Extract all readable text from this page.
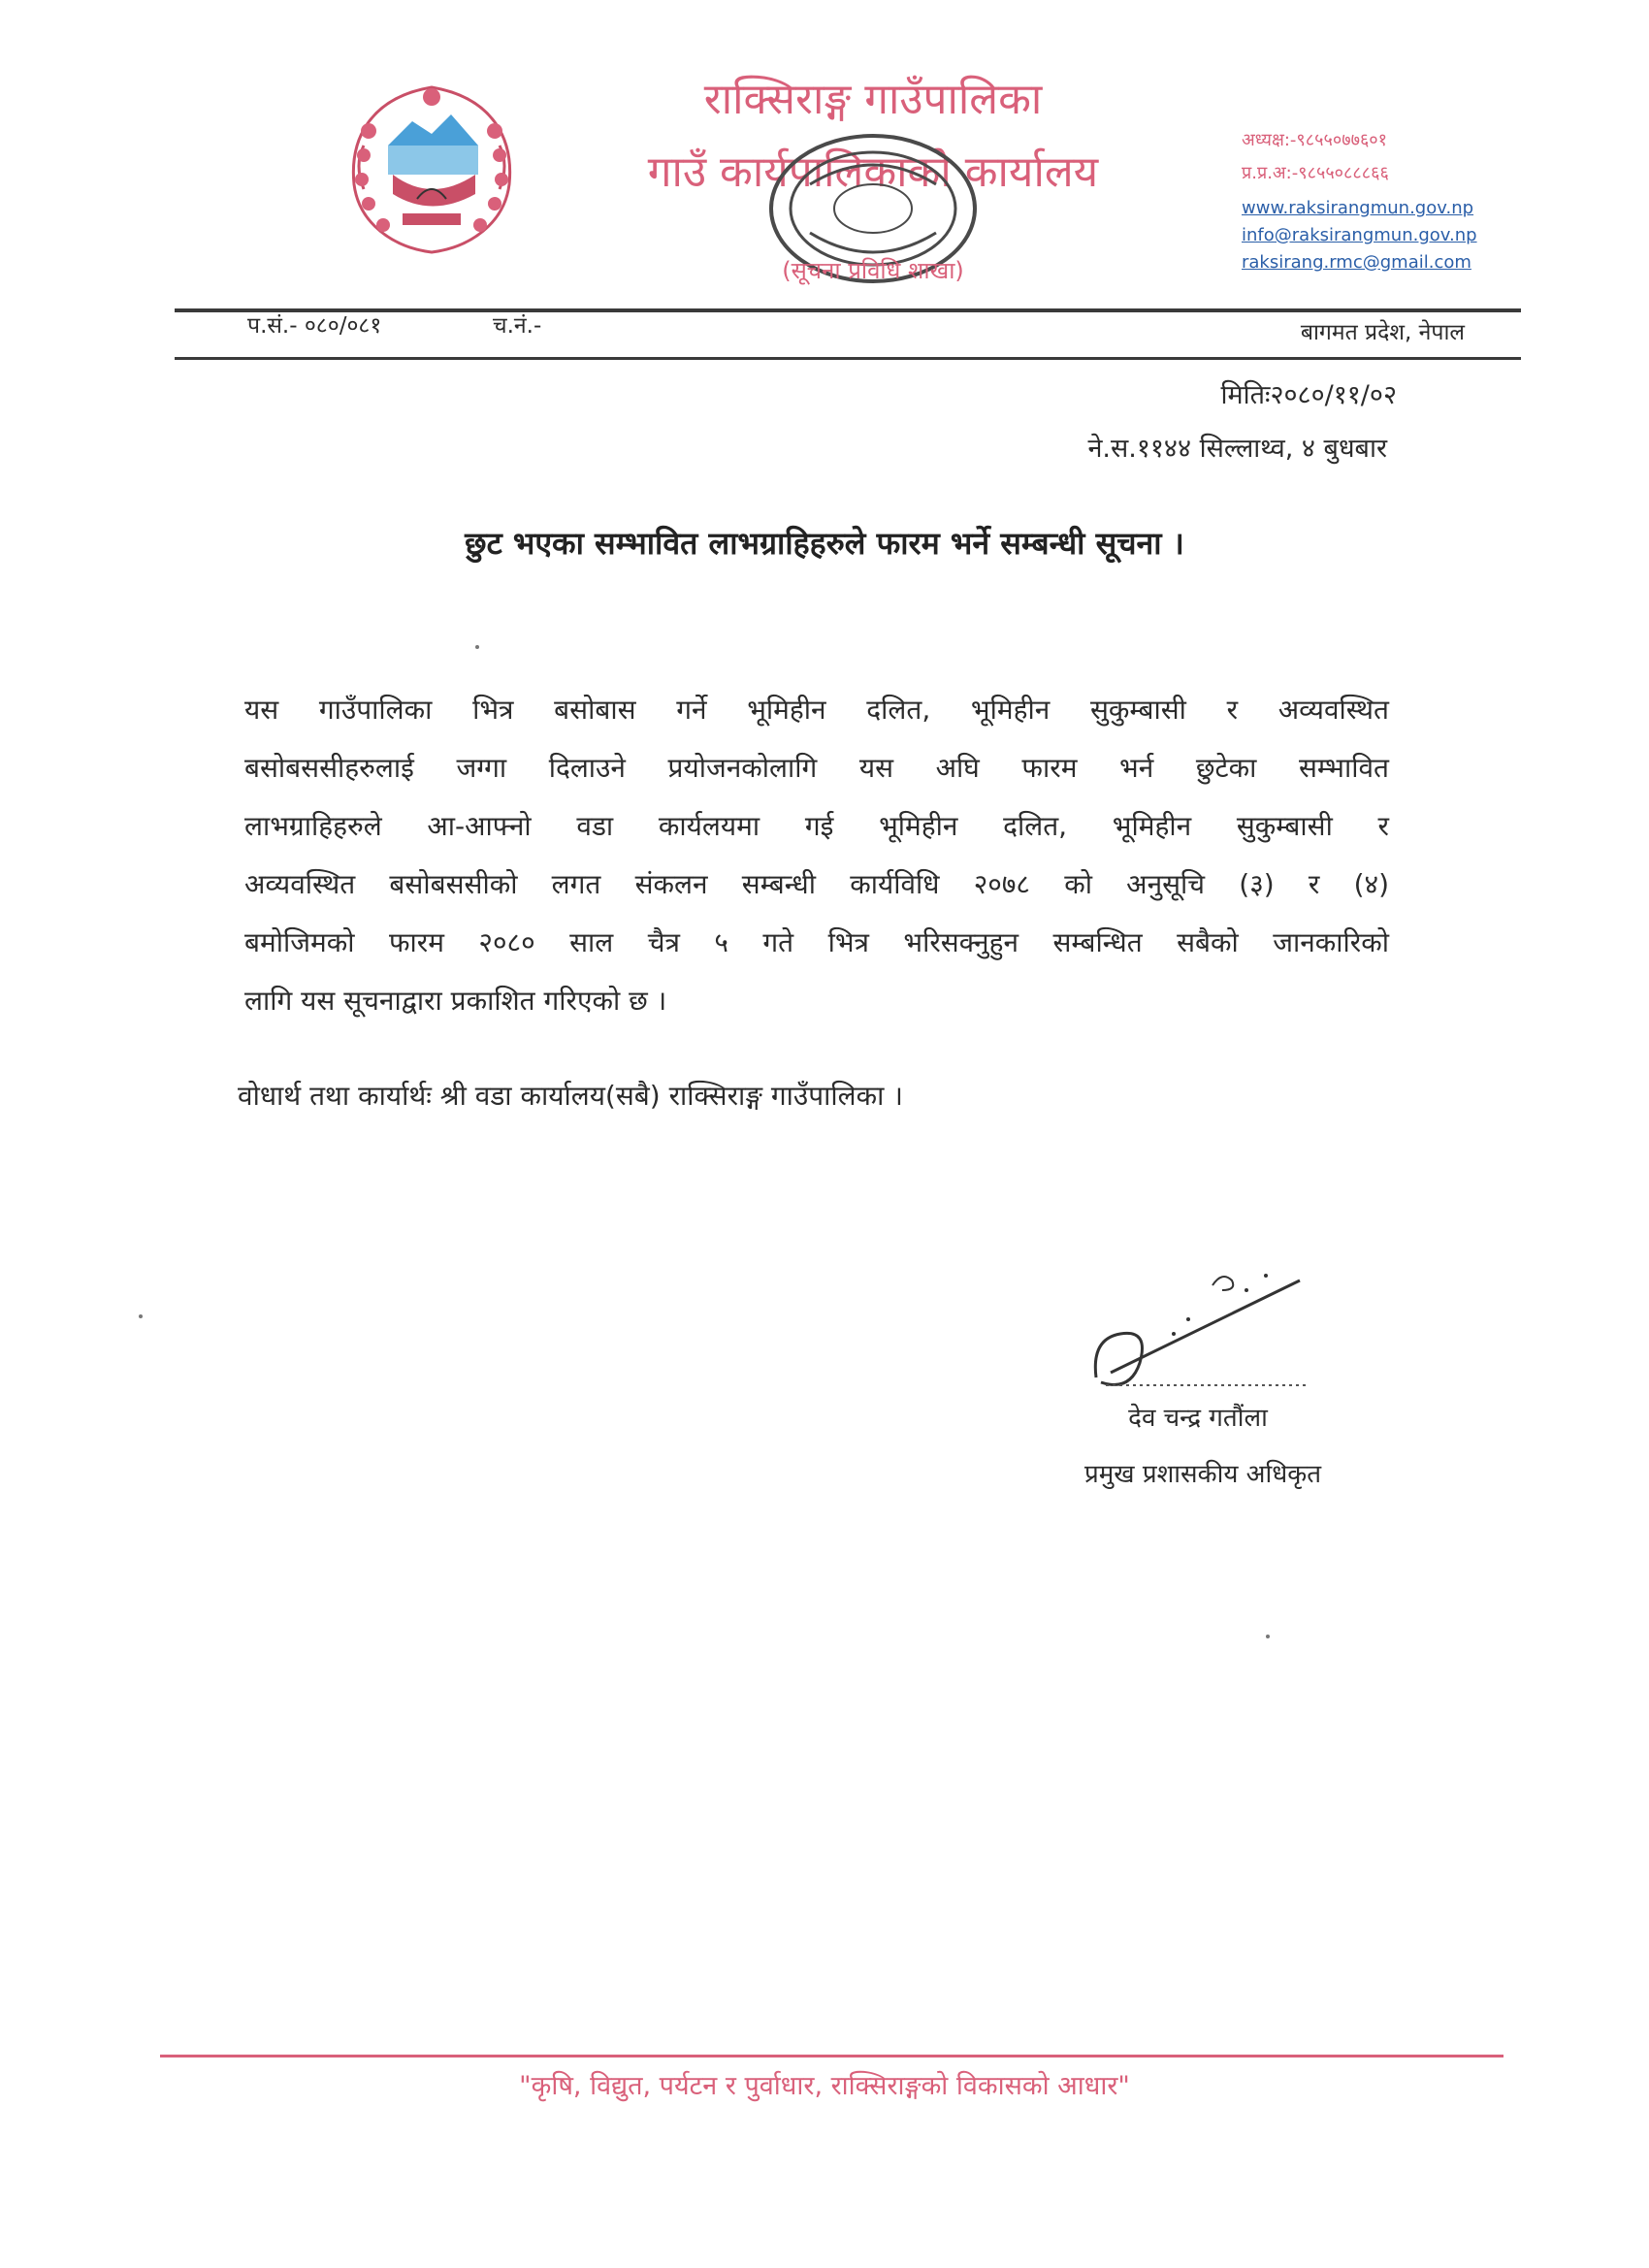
राक्सिराङ्ग गाउँपालिका
गाउँ कार्यपालिकाको कार्यालय
(सूचना प्रविधि शाखा)
अध्यक्ष:-९८५५०७७६०१
प्र.प्र.अ:-९८५५०८८८६६
www.raksirangmun.gov.np
info@raksirangmun.gov.np
raksirang.rmc@gmail.com
प.सं.- ०८०/०८१	च.नं.-	बागमत प्रदेश, नेपाल
मितिः२०८०/११/०२
ने.स.११४४ सिल्लाथ्व, ४ बुधबार
छुट भएका सम्भावित लाभग्राहिहरुले फारम भर्ने सम्बन्धी सूचना ।
यस गाउँपालिका भित्र बसोबास गर्ने भूमिहीन दलित, भूमिहीन सुकुम्बासी र अव्यवस्थित
बसोबससीहरुलाई जग्गा दिलाउने प्रयोजनकोलागि यस अघि फारम भर्न छुटेका सम्भावित
लाभग्राहिहरुले आ-आफ्नो वडा कार्यलयमा गई भूमिहीन दलित, भूमिहीन सुकुम्बासी र
अव्यवस्थित बसोबससीको लगत संकलन सम्बन्धी कार्यविधि २०७८ को अनुसूचि (३) र (४)
बमोजिमको फारम २०८० साल चैत्र ५ गते भित्र भरिसक्नुहुन सम्बन्धित सबैको जानकारिको
लागि यस सूचनाद्वारा प्रकाशित गरिएको छ ।
वोधार्थ तथा कार्यार्थः श्री वडा कार्यालय(सबै) राक्सिराङ्ग गाउँपालिका ।
देव चन्द्र गतौंला
प्रमुख प्रशासकीय अधिकृत
"कृषि, विद्युत, पर्यटन र पुर्वाधार, राक्सिराङ्गको विकासको आधार"
